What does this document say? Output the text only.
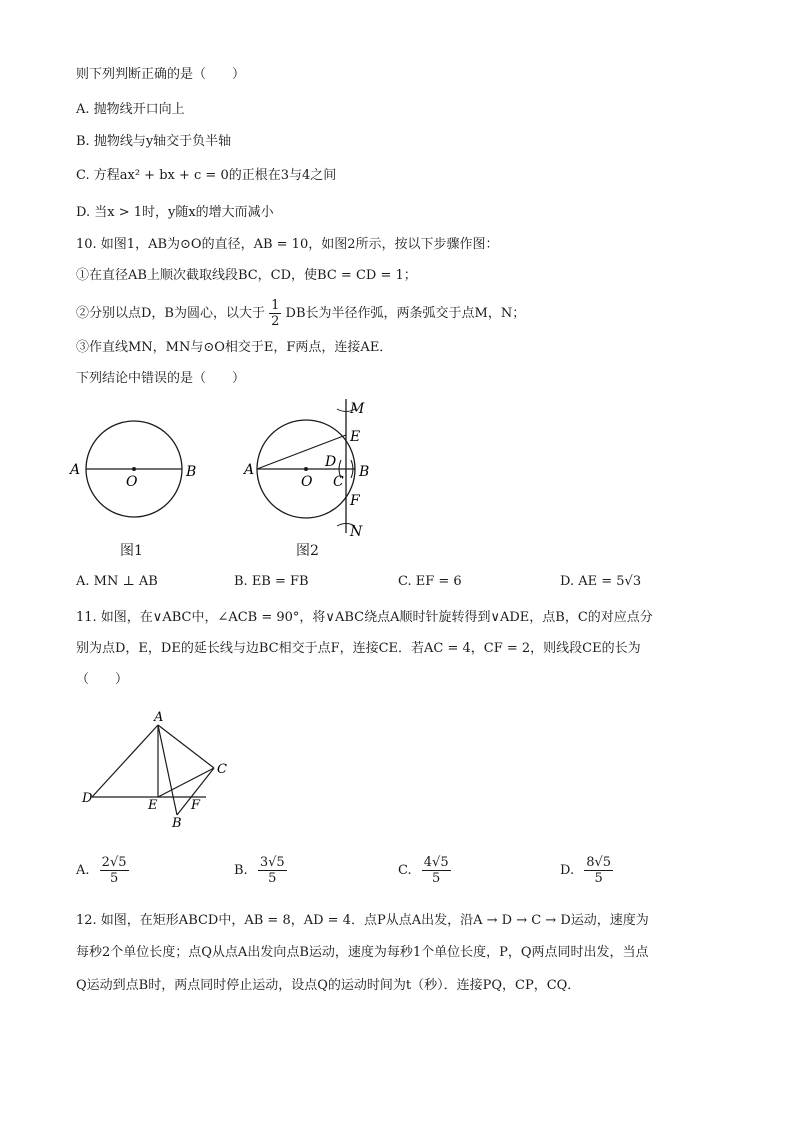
则下列判断正确的是（　　）
A. 抛物线开口向上
B. 抛物线与y轴交于负半轴
C. 方程ax² + bx + c = 0的正根在3与4之间
D. 当x > 1时，y随x的增大而减小
10. 如图1，AB为⊙O的直径，AB = 10，如图2所示，按以下步骤作图：
①在直径AB上顺次截取线段BC，CD，使BC = CD = 1；
②分别以点D，B为圆心，以大于 $\frac{1}{2}$ DB长为半径作弧，两条弧交于点M，N；
③作直线MN，MN与⊙O相交于E，F两点，连接AE．
下列结论中错误的是（　　）
A	B
O
图1
A	B
O C
D
E
F
M
N
图2
A. MN ⊥ AB	B. EB = FB	C. EF = 6	D. AE = 5√3
11. 如图，在∨ABC中，∠ACB = 90°，将∨ABC绕点A顺时针旋转得到∨ADE，点B，C的对应点分
别为点D，E，DE的延长线与边BC相交于点F，连接CE．若AC = 4，CF = 2，则线段CE的长为
（　　）
A
C
D	E	F
B
A. $\frac{2√5}{5}$	B. $\frac{3√5}{5}$	C. $\frac{4√5}{5}$	D. $\frac{8√5}{5}$
12. 如图，在矩形ABCD中，AB = 8，AD = 4．点P从点A出发，沿A → D → C → D运动，速度为
每秒2个单位长度；点Q从点A出发向点B运动，速度为每秒1个单位长度，P，Q两点同时出发，当点
Q运动到点B时，两点同时停止运动，设点Q的运动时间为t（秒）．连接PQ，CP，CQ．
